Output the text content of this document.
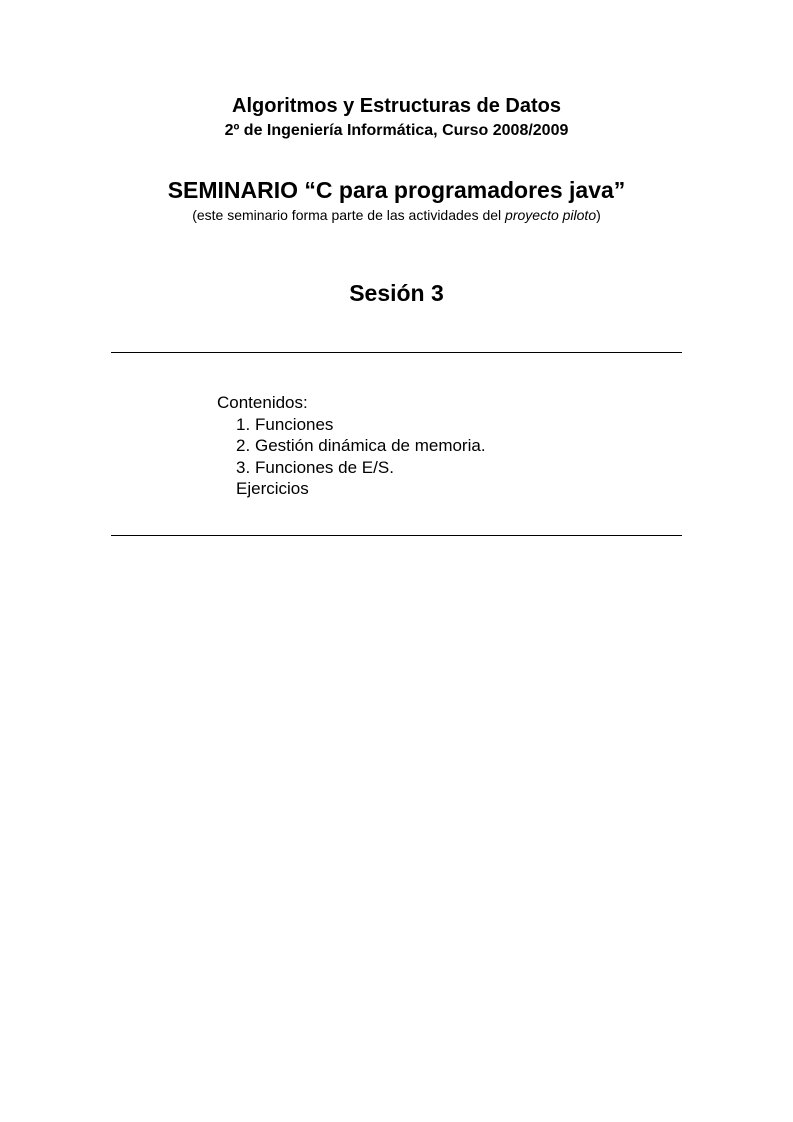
Algoritmos y Estructuras de Datos
2º de Ingeniería Informática, Curso 2008/2009
SEMINARIO “C para programadores java”
(este seminario forma parte de las actividades del proyecto piloto)
Sesión 3
Contenidos:
1. Funciones
2. Gestión dinámica de memoria.
3. Funciones de E/S.
Ejercicios
